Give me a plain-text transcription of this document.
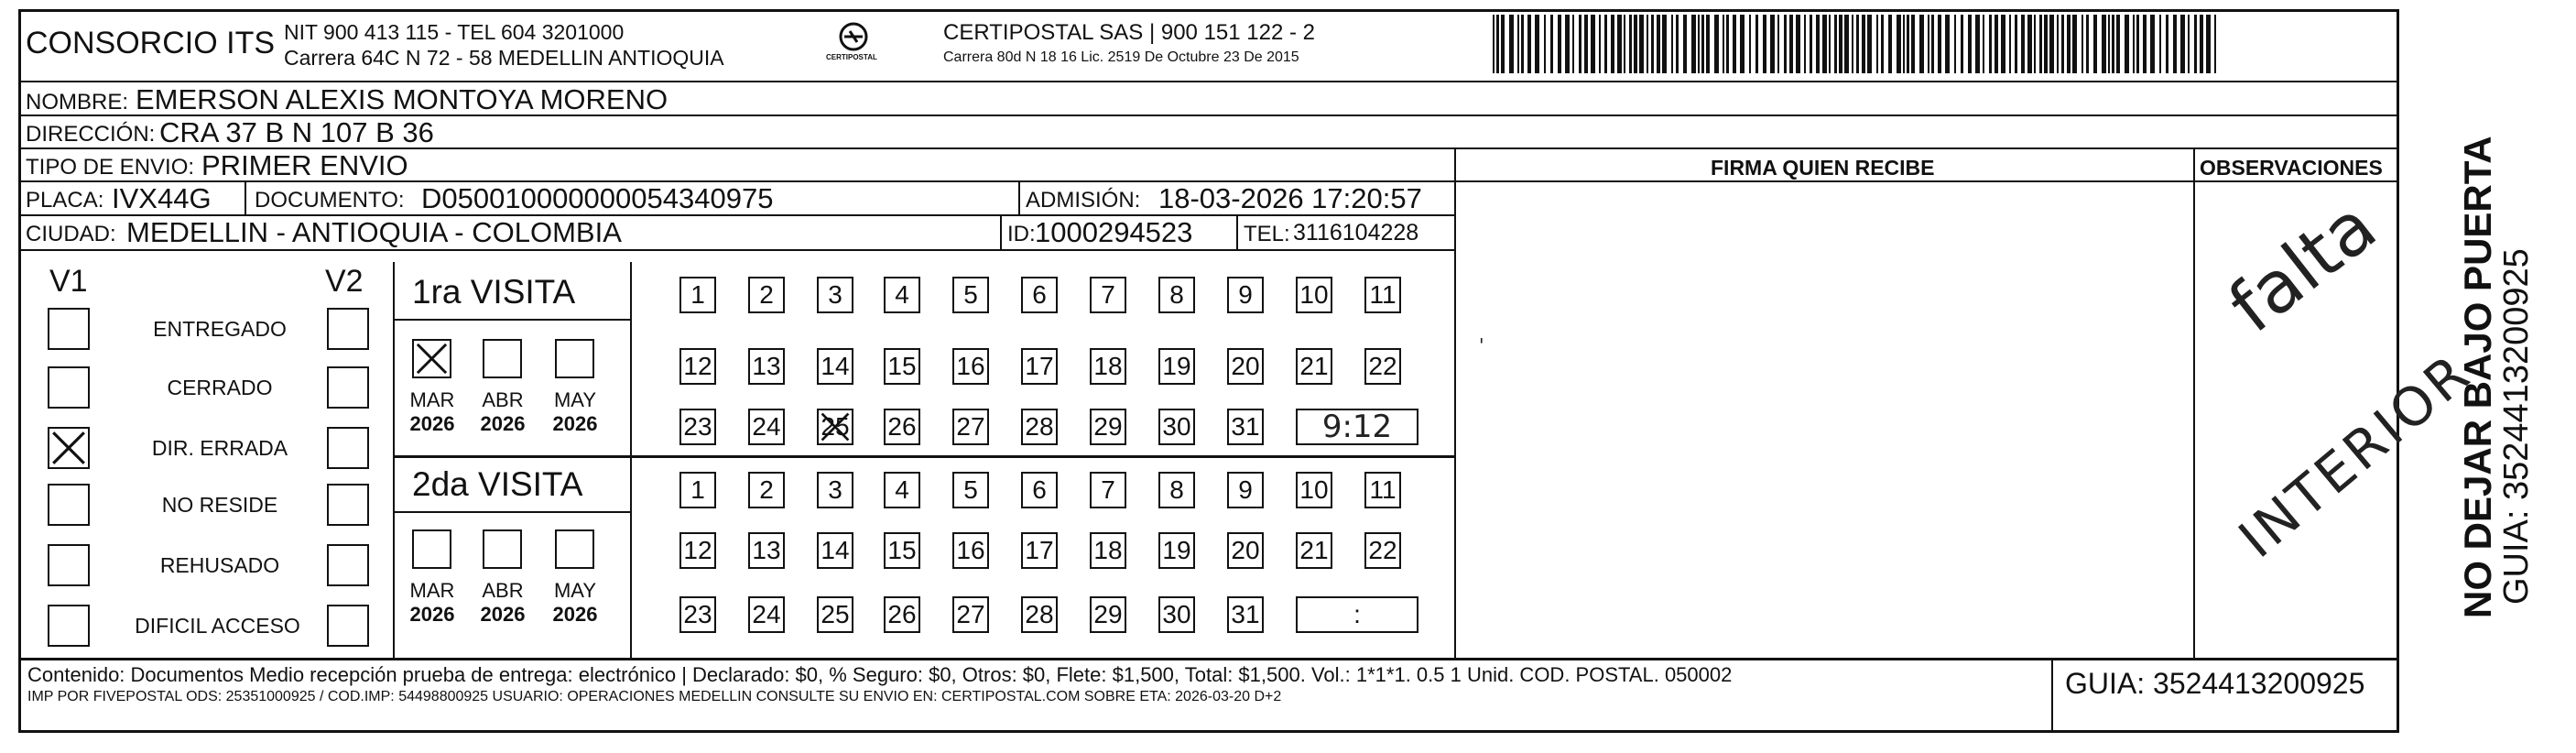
CONSORCIO ITS NIT 900 413 115 - TEL 604 3201000
Carrera 64C N 72 - 58 MEDELLIN ANTIOQUIA	CERTIPOSTAL
CERTIPOSTAL SAS | 900 151 122 - 2
Carrera 80d N 18 16 Lic. 2519 De Octubre 23 De 2015
NOMBRE: EMERSON ALEXIS MONTOYA MORENO
DIRECCIÓN: CRA 37 B N 107 B 36
TIPO DE ENVIO: PRIMER ENVIO
PLACA: IVX44G DOCUMENTO: D050010000000054340975	ADMISIÓN: 18-03-2026 17:20:57
CIUDAD: MEDELLIN - ANTIOQUIA - COLOMBIA	ID: 1000294523 TEL: 3116104228
FIRMA QUIEN RECIBE	OBSERVACIONES
'	falta
INTERIOR
NO DEJAR BAJO PUERTA
GUIA: 3524413200925
V1	V2 1ra VISITA
2da VISITA
Contenido: Documentos Medio recepción prueba de entrega: electrónico | Declarado: $0, % Seguro: $0, Otros: $0, Flete: $1,500, Total: $1,500. Vol.: 1*1*1. 0.5 1 Unid. COD. POSTAL. 050002
IMP POR FIVEPOSTAL ODS: 25351000925 / COD.IMP: 54498800925 USUARIO: OPERACIONES MEDELLIN CONSULTE SU ENVIO EN: CERTIPOSTAL.COM SOBRE ETA: 2026-03-20 D+2	GUIA: 3524413200925
ENTREGADO
CERRADO
DIR. ERRADA
NO RESIDE
REHUSADO
DIFICIL ACCESO
MAR
2026
ABR
2026
MAY
2026
MAR
2026
ABR
2026
MAY
2026
1	2	3	4	5	6	7	8	9	10 11
12 13 14 15 16 17 18 19 20 21 22
23 24 25 26 27 28 29 30 31	9:12
1	2	3	4	5	6	7	8	9	10 11
12 13 14 15 16 17 18 19 20 21 22
23 24 25 26 27 28 29 30 31	:
